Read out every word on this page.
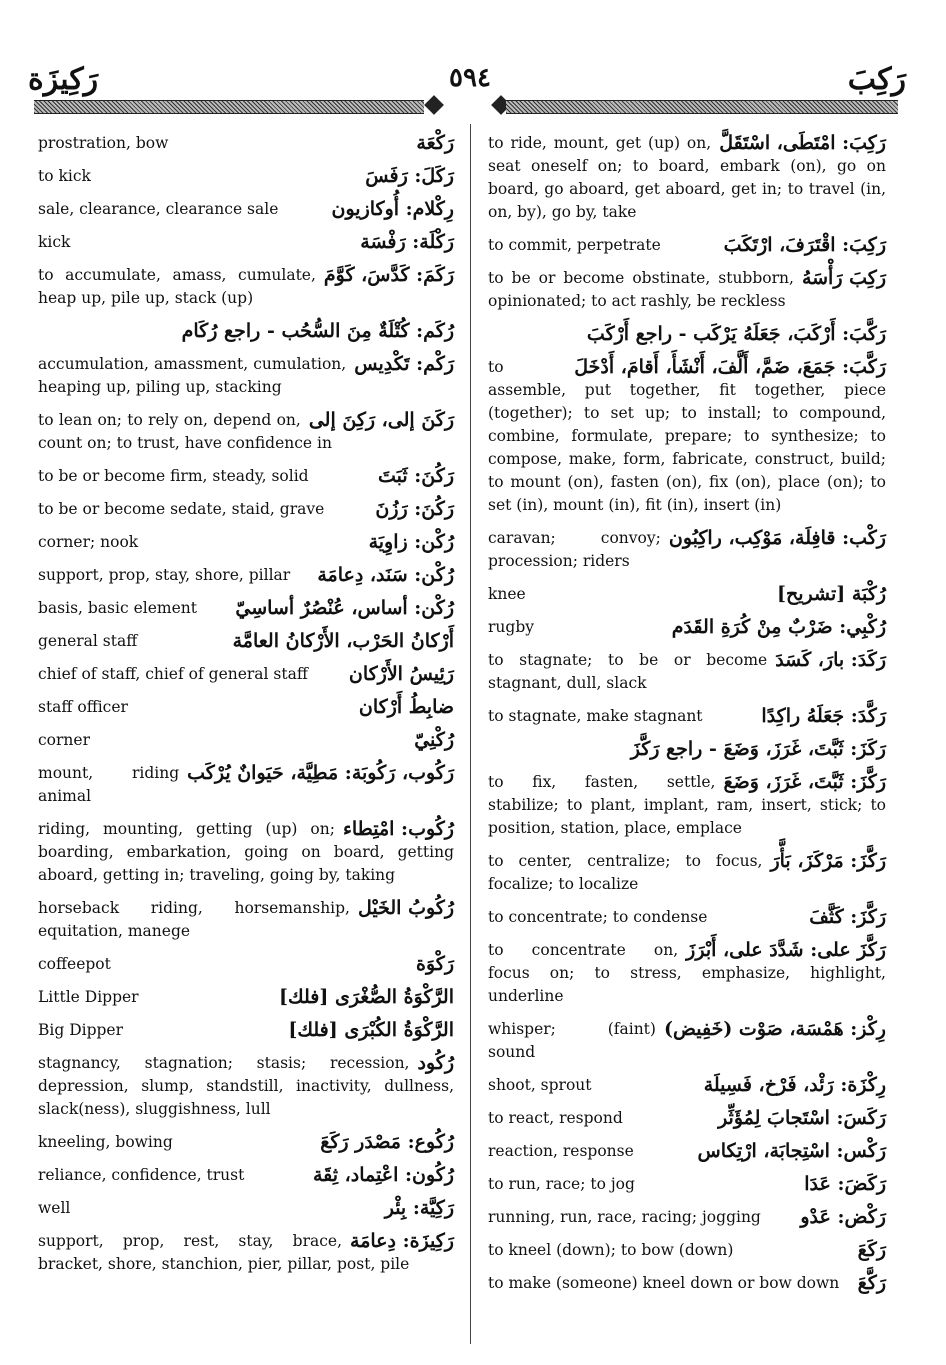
رَكِيزَة	٥٩٤	رَكِبَ
رَكْعَة
prostration, bow
رَكَلَ: رَفَسَ
to kick
رِكْلام: أُوكازيون
sale, clearance, clearance sale
رَكْلَة: رَفْسَة
kick
رَكَمَ: كَدَّسَ، كَوَّمَ
to accumulate, amass, cumulate, heap up, pile up, stack (up)
رُكَم: كُتْلَةٌ مِنَ السُّحُب - راجع رُكَام
رَكْم: تَكْدِيس
accumulation, amassment, cumulation, heaping up, piling up, stacking
رَكَنَ إلى، رَكِنَ إلى
to lean on; to rely on, depend on, count on; to trust, have confidence in
رَكُنَ: ثَبَتَ
to be or become firm, steady, solid
رَكُنَ: رَزُنَ
to be or become sedate, staid, grave
رُكْن: زاوِيَة
corner; nook
رُكْن: سَنَد، دِعامَة
support, prop, stay, shore, pillar
رُكْن: أساس، عُنْصُرٌ أساسِيّ
basis, basic element
أَرْكانُ الحَرْب، الأَرْكانُ العامَّة
general staff
رَئِيسُ الأَرْكان
chief of staff, chief of general staff
ضابِطُ أَرْكان
staff officer
رُكْنِيّ
corner
رَكُوب، رَكُوبَة: مَطِيَّة، حَيَوانٌ يُرْكَب
mount, riding animal
رُكُوب: امْتِطاء
riding, mounting, getting (up) on; boarding, embarkation, going on board, getting aboard, getting in; traveling, going by, taking
رُكُوبُ الخَيْل
horseback riding, horsemanship, equitation, manege
رَكْوَة
coffeepot
الرَّكْوَةُ الصُّغْرَى [فلك]
Little Dipper
الرَّكْوَةُ الكُبْرَى [فلك]
Big Dipper
رُكُود
stagnancy, stagnation; stasis; recession, depression, slump, standstill, inactivity, dullness, slack(ness), sluggishness, lull
رُكُوع: مَصْدَر رَكَعَ
kneeling, bowing
رُكُون: اعْتِماد، ثِقَة
reliance, confidence, trust
رَكِيَّة: بِئْر
well
رَكِيزَة: دِعامَة
support, prop, rest, stay, brace, bracket, shore, stanchion, pier, pillar, post, pile
رَكِبَ: امْتَطَى، اسْتَقَلَّ
to ride, mount, get (up) on, seat oneself on; to board, embark (on), go on board, go aboard, get aboard, get in; to travel (in, on, by), go by, take
رَكِبَ: اقْتَرَفَ، ارْتَكَبَ
to commit, perpetrate
رَكِبَ رَأْسَهُ
to be or become obstinate, stubborn, opinionated; to act rashly, be reckless
رَكَّبَ: أَرْكَبَ، جَعَلَهُ يَرْكَب - راجع أَرْكَبَ
رَكَّبَ: جَمَعَ، ضَمَّ، أَلَّفَ، أَنْشَأَ، أَقامَ، أَدْخَلَ
to assemble, put together, fit together, piece (together); to set up; to install; to compound, combine, formulate, prepare; to synthesize; to compose, make, form, fabricate, construct, build; to mount (on), fasten (on), fix (on), place (on); to set (in), mount (in), fit (in), insert (in)
رَكْب: قافِلَة، مَوْكِب، راكِبُون
caravan; convoy; procession; riders
رُكْبَة [تشريح]
knee
رُكْبِي: ضَرْبٌ مِنْ كُرَةِ القَدَم
rugby
رَكَدَ: بارَ، كَسَدَ
to stagnate; to be or become stagnant, dull, slack
رَكَّدَ: جَعَلَهُ راكِدًا
to stagnate, make stagnant
رَكَزَ: ثَبَّتَ، غَرَزَ، وَضَعَ - راجع رَكَّزَ
رَكَّزَ: ثَبَّتَ، غَرَزَ، وَضَعَ
to fix, fasten, settle, stabilize; to plant, implant, ram, insert, stick; to position, station, place, emplace
رَكَّزَ: مَرْكَزَ، بَأَّرَ
to center, centralize; to focus, focalize; to localize
رَكَّزَ: كَثَّفَ
to concentrate; to condense
رَكَّزَ على: شَدَّدَ على، أَبْرَزَ
to concentrate on, focus on; to stress, emphasize, highlight, underline
رِكْز: هَمْسَة، صَوْت (خَفِيض)
whisper; (faint) sound
رِكْزَة: رَئْد، فَرْخ، فَسِيلَة
shoot, sprout
رَكَسَ: اسْتَجابَ لِمُؤَثِّر
to react, respond
رَكْس: اسْتِجابَة، ارْتِكاس
reaction, response
رَكَضَ: عَدَا
to run, race; to jog
رَكْض: عَدْو
running, run, race, racing; jogging
رَكَعَ
to kneel (down); to bow (down)
رَكَّعَ
to make (someone) kneel down or bow down
